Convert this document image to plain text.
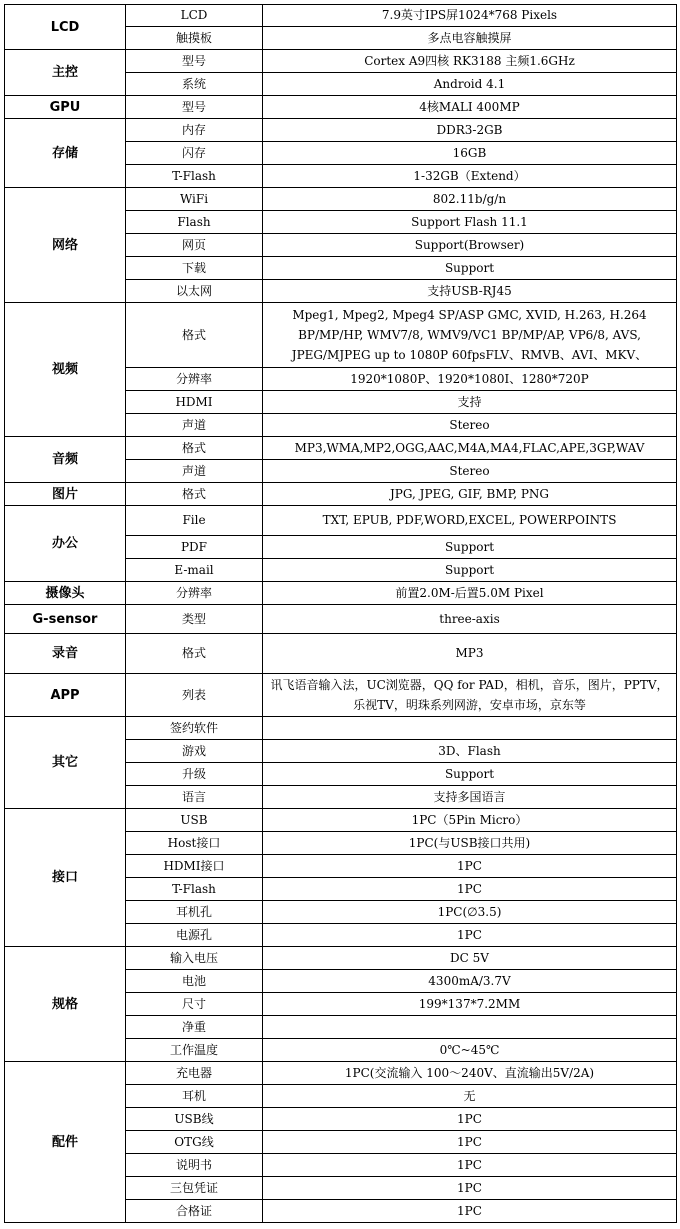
LCD	LCD	7.9英寸IPS屏1024*768 Pixels
	触摸板	多点电容触摸屏
主控	型号	Cortex A9四核 RK3188 主频1.6GHz
	系统	Android 4.1
GPU	型号	4核MALI 400MP
存储	内存	DDR3-2GB
	闪存	16GB
	T-Flash	1-32GB（Extend）
网络	WiFi	802.11b/g/n
	Flash	Support Flash 11.1
	网页	Support(Browser)
	下载	Support
	以太网	支持USB-RJ45
视频	格式	Mpeg1, Mpeg2, Mpeg4 SP/ASP GMC, XVID, H.263, H.264 BP/MP/HP, WMV7/8, WMV9/VC1 BP/MP/AP, VP6/8, AVS, JPEG/MJPEG up to 1080P 60fpsFLV、RMVB、AVI、MKV、
	分辨率	1920*1080P、1920*1080I、1280*720P
	HDMI	支持
	声道	Stereo
音频	格式	MP3,WMA,MP2,OGG,AAC,M4A,MA4,FLAC,APE,3GP,WAV
	声道	Stereo
图片	格式	JPG, JPEG, GIF, BMP, PNG
办公	File	TXT, EPUB, PDF,WORD,EXCEL, POWERPOINTS
	PDF	Support
	E-mail	Support
摄像头	分辨率	前置2.0M-后置5.0M Pixel
G-sensor	类型	three-axis
录音	格式	MP3
APP	列表	讯飞语音输入法，UC浏览器，QQ for PAD，相机，音乐，图片，PPTV，乐视TV，明珠系列网游，安卓市场，京东等
其它	签约软件	
	游戏	3D、Flash
	升级	Support
	语言	支持多国语言
接口	USB	1PC（5Pin Micro）
	Host接口	1PC(与USB接口共用)
	HDMI接口	1PC
	T-Flash	1PC
	耳机孔	1PC(∅3.5)
	电源孔	1PC
规格	输入电压	DC 5V
	电池	4300mA/3.7V
	尺寸	199*137*7.2MM
	净重	
	工作温度	0℃~45℃
配件	充电器	1PC(交流输入 100～240V、直流输出5V/2A)
	耳机	无
	USB线	1PC
	OTG线	1PC
	说明书	1PC
	三包凭证	1PC
	合格证	1PC
